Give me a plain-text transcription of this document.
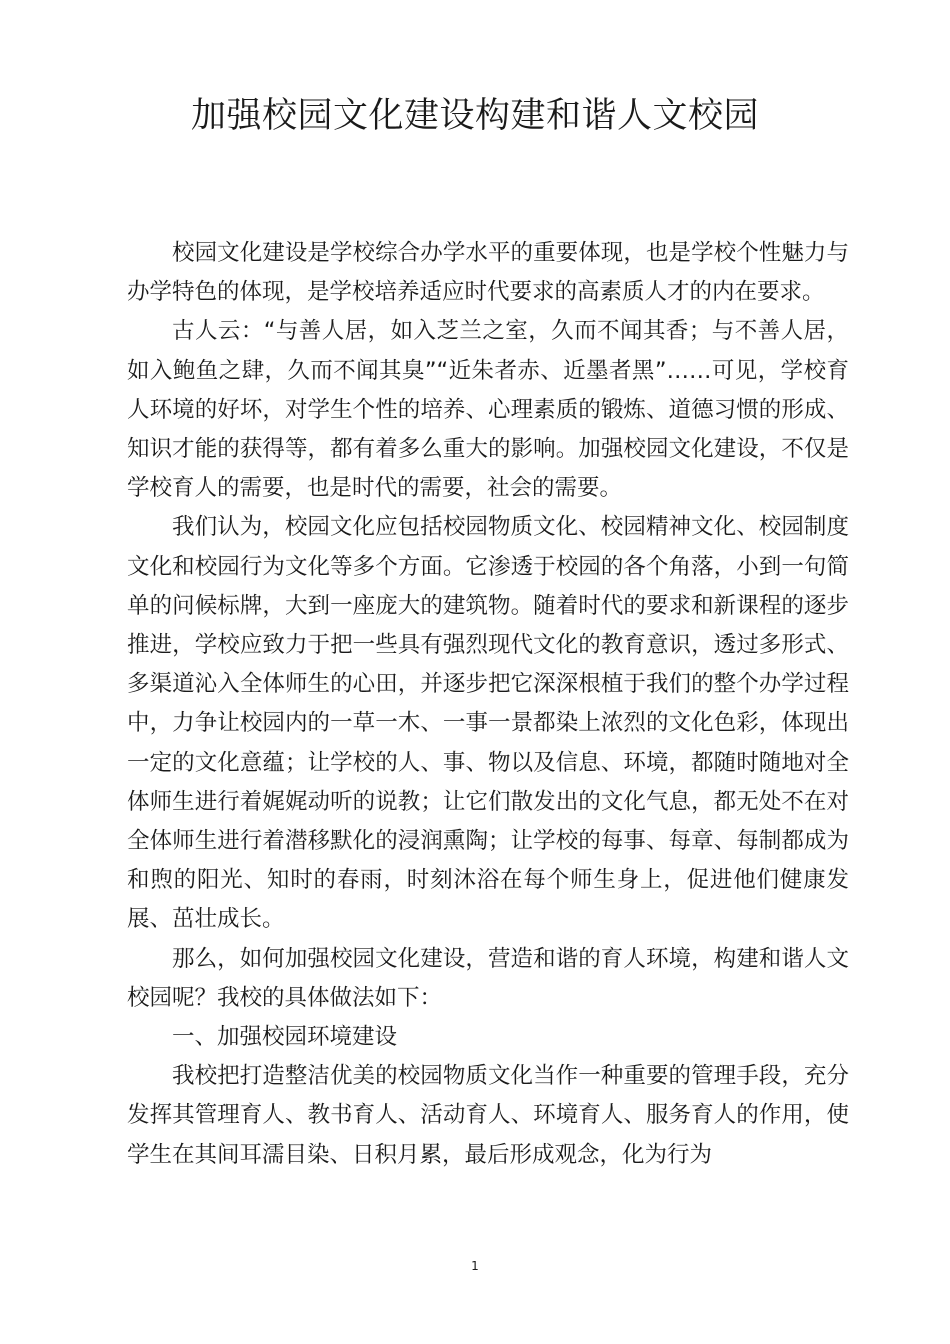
加强校园文化建设构建和谐人文校园

校园文化建设是学校综合办学水平的重要体现，也是学校个性魅力与办学特色的体现，是学校培养适应时代要求的高素质人才的内在要求。

古人云：“与善人居，如入芝兰之室，久而不闻其香；与不善人居，如入鲍鱼之肆，久而不闻其臭”“近朱者赤、近墨者黑”……可见，学校育人环境的好坏，对学生个性的培养、心理素质的锻炼、道德习惯的形成、知识才能的获得等，都有着多么重大的影响。加强校园文化建设，不仅是学校育人的需要，也是时代的需要，社会的需要。

我们认为，校园文化应包括校园物质文化、校园精神文化、校园制度文化和校园行为文化等多个方面。它渗透于校园的各个角落，小到一句简单的问候标牌，大到一座庞大的建筑物。随着时代的要求和新课程的逐步推进，学校应致力于把一些具有强烈现代文化的教育意识，透过多形式、多渠道沁入全体师生的心田，并逐步把它深深根植于我们的整个办学过程中，力争让校园内的一草一木、一事一景都染上浓烈的文化色彩，体现出一定的文化意蕴；让学校的人、事、物以及信息、环境，都随时随地对全体师生进行着娓娓动听的说教；让它们散发出的文化气息，都无处不在对全体师生进行着潜移默化的浸润熏陶；让学校的每事、每章、每制都成为和煦的阳光、知时的春雨，时刻沐浴在每个师生身上，促进他们健康发展、茁壮成长。

那么，如何加强校园文化建设，营造和谐的育人环境，构建和谐人文校园呢？我校的具体做法如下：

一、加强校园环境建设

我校把打造整洁优美的校园物质文化当作一种重要的管理手段，充分发挥其管理育人、教书育人、活动育人、环境育人、服务育人的作用，使学生在其间耳濡目染、日积月累，最后形成观念，化为行为

1
